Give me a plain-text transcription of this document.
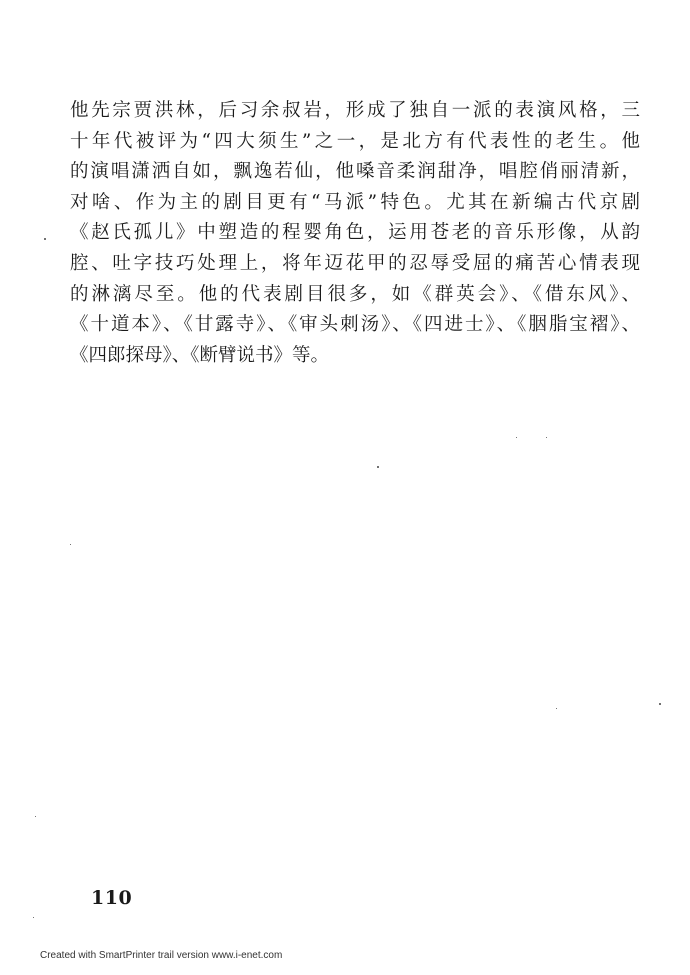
他先宗贾洪林，后习余叔岩，形成了独自一派的表演风格，三
十年代被评为“四大须生”之一，是北方有代表性的老生。他
的演唱潇洒自如，飘逸若仙，他嗓音柔润甜净，唱腔俏丽清新，
对啥、作为主的剧目更有“马派”特色。尤其在新编古代京剧
《赵氏孤儿》中塑造的程婴角色，运用苍老的音乐形像，从韵
腔、吐字技巧处理上，将年迈花甲的忍辱受屈的痛苦心情表现
的淋漓尽至。他的代表剧目很多，如《群英会》、《借东风》、
《十道本》、《甘露寺》、《审头刺汤》、《四进士》、《胭脂宝褶》、
《四郎探母》、《断臂说书》等。
110
Created with SmartPrinter trail version www.i-enet.com
